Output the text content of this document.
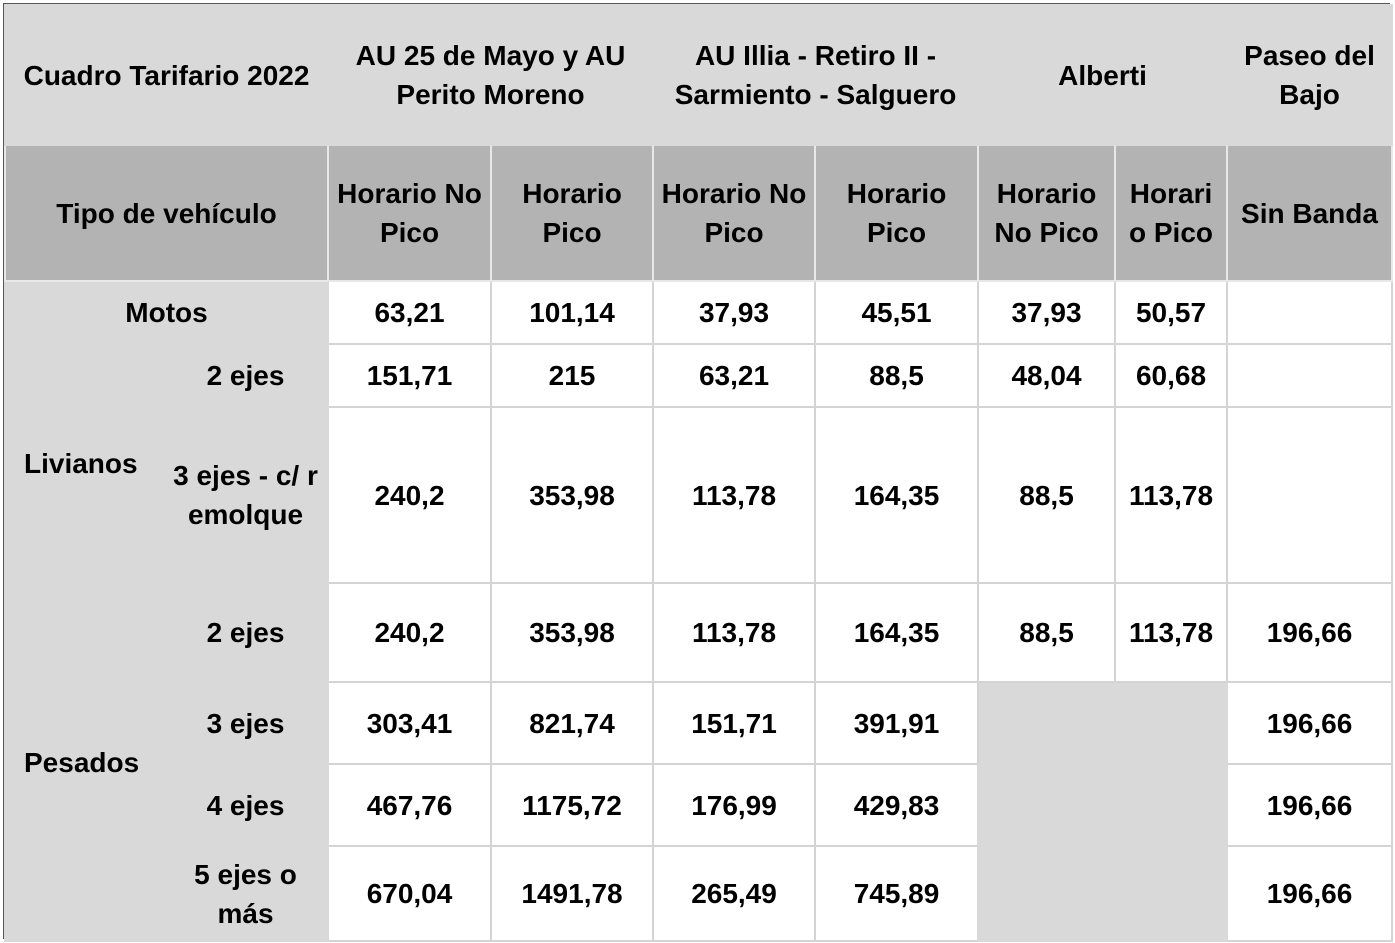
Cuadro Tarifario 2022		AU 25 de Mayo y AU Perito Moreno		AU Illia - Retiro II - Sarmiento - Salguero		Alberti		Paseo del Bajo
Tipo de vehículo		Horario No Pico	Horario Pico	Horario No Pico	Horario Pico	Horario No Pico	Horario Pico	Sin Banda
Motos		63,21	101,14	37,93	45,51	37,93	50,57	
Livianos	2 ejes	151,71	215	63,21	88,5	48,04	60,68	
	3 ejes - c/ remolque	240,2	353,98	113,78	164,35	88,5	113,78	
Pesados	2 ejes	240,2	353,98	113,78	164,35	88,5	113,78	196,66
	3 ejes	303,41	821,74	151,71	391,91			196,66
	4 ejes	467,76	1175,72	176,99	429,83			196,66
	5 ejes o más	670,04	1491,78	265,49	745,89			196,66
